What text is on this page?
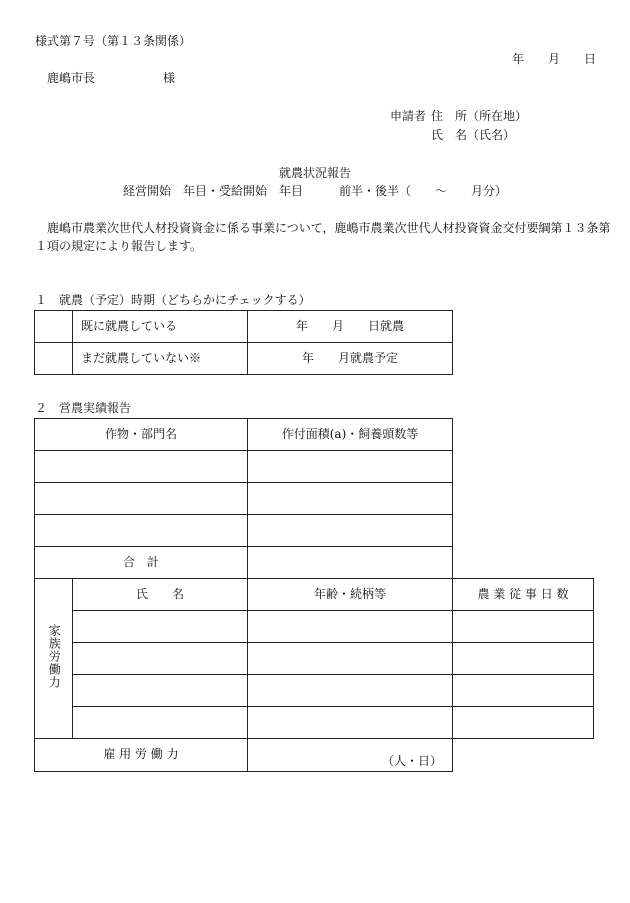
様式第７号（第１３条関係）
年　　月　　日
鹿嶋市長	様
申請者 住　所（所在地）
氏　名（氏名）
就農状況報告
経営開始　年目・受給開始　年目　　　前半・後半（　　～　　月分）
鹿嶋市農業次世代人材投資資金に係る事業について，鹿嶋市農業次世代人材投資資金交付要綱第１３条第
１項の規定により報告します。
１　就農（予定）時期（どちらかにチェックする）
	既に就農している	年　　月　　日就農
	まだ就農していない※	年　　月就農予定
２　営農実績報告
作物・部門名	作付面積(a)・飼養頭数等

合　計	
家族労働力	氏　　名	年齢・続柄等	農 業 従 事 日 数

雇 用 労 働 力		（人・日）	
